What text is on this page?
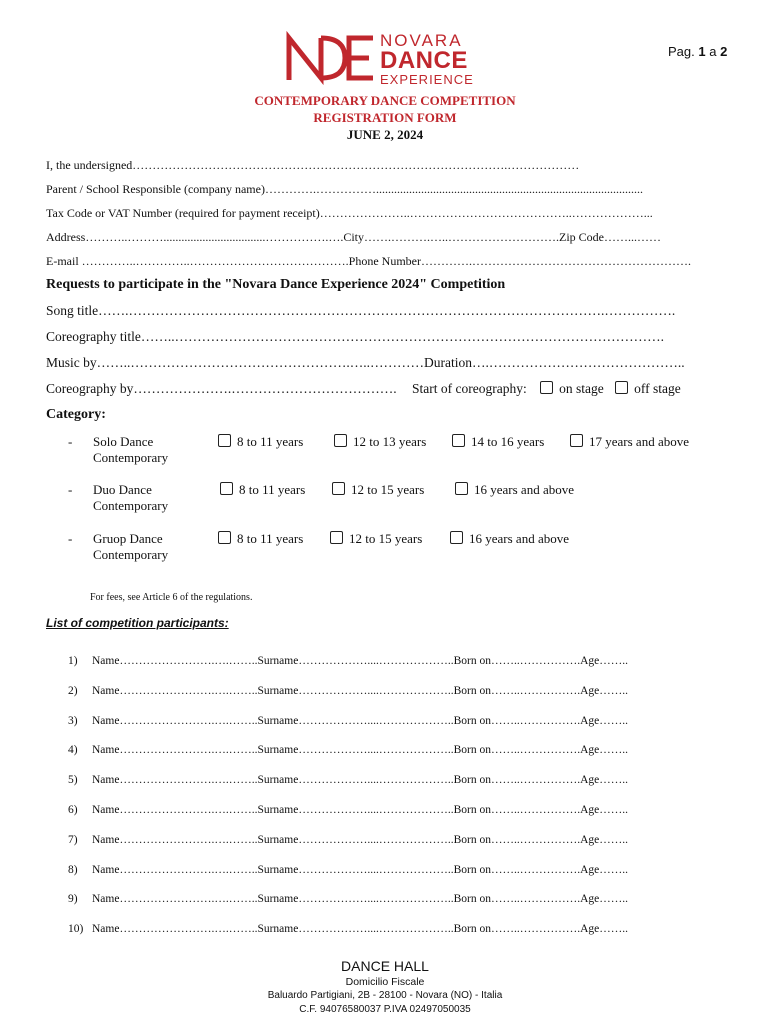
Pag. 1 a 2
NOVARA
DANCE
EXPERIENCE
CONTEMPORARY DANCE COMPETITION
REGISTRATION FORM
JUNE 2, 2024
I, the undersigned………………………………………………………………………………….………………
Parent / School Responsible (company name)………….…………….........................................................................................
Tax Code or VAT Number (required for payment receipt)…………………..…………………………………..………………...
Address………..………..................................…………….….City…….……….…..……………………….Zip Code……...……
E-mail …………..…………..………………………………….Phone Number………….……………………………………………….
Requests to participate in the "Novara Dance Experience 2024" Competition
Song title…….…………………………………………………………………………………………….…………….
Coreography title……..……………………………………………………………………………………………….
Music by……..………………………………………….…..…………Duration….……………………………………..
Coreography by………………….………………………………. Start of coreography: on stage off stage
Category:
- Solo Dance
Contemporary
8 to 11 years	12 to 13 years	14 to 16 years	17 years and above
- Duo Dance
Contemporary
8 to 11 years	12 to 15 years	16 years and above
- Gruop Dance
Contemporary
8 to 11 years	12 to 15 years	16 years and above
For fees, see Article 6 of the regulations.
List of competition participants:
1) Name…………………….….……..Surname………………....………………..Born on……..…………….Age……..
2) Name…………………….….……..Surname………………....………………..Born on……..…………….Age……..
3) Name…………………….….……..Surname………………....………………..Born on……..…………….Age……..
4) Name…………………….….……..Surname………………....………………..Born on……..…………….Age……..
5) Name…………………….….……..Surname………………....………………..Born on……..…………….Age……..
6) Name…………………….….……..Surname………………....………………..Born on……..…………….Age……..
7) Name…………………….….……..Surname………………....………………..Born on……..…………….Age……..
8) Name…………………….….……..Surname………………....………………..Born on……..…………….Age……..
9) Name…………………….….……..Surname………………....………………..Born on……..…………….Age……..
10) Name…………………….….……..Surname………………....………………..Born on……..…………….Age……..
DANCE HALL
Domicilio Fiscale
Baluardo Partigiani, 2B - 28100 - Novara (NO) - Italia
C.F. 94076580037 P.IVA 02497050035
